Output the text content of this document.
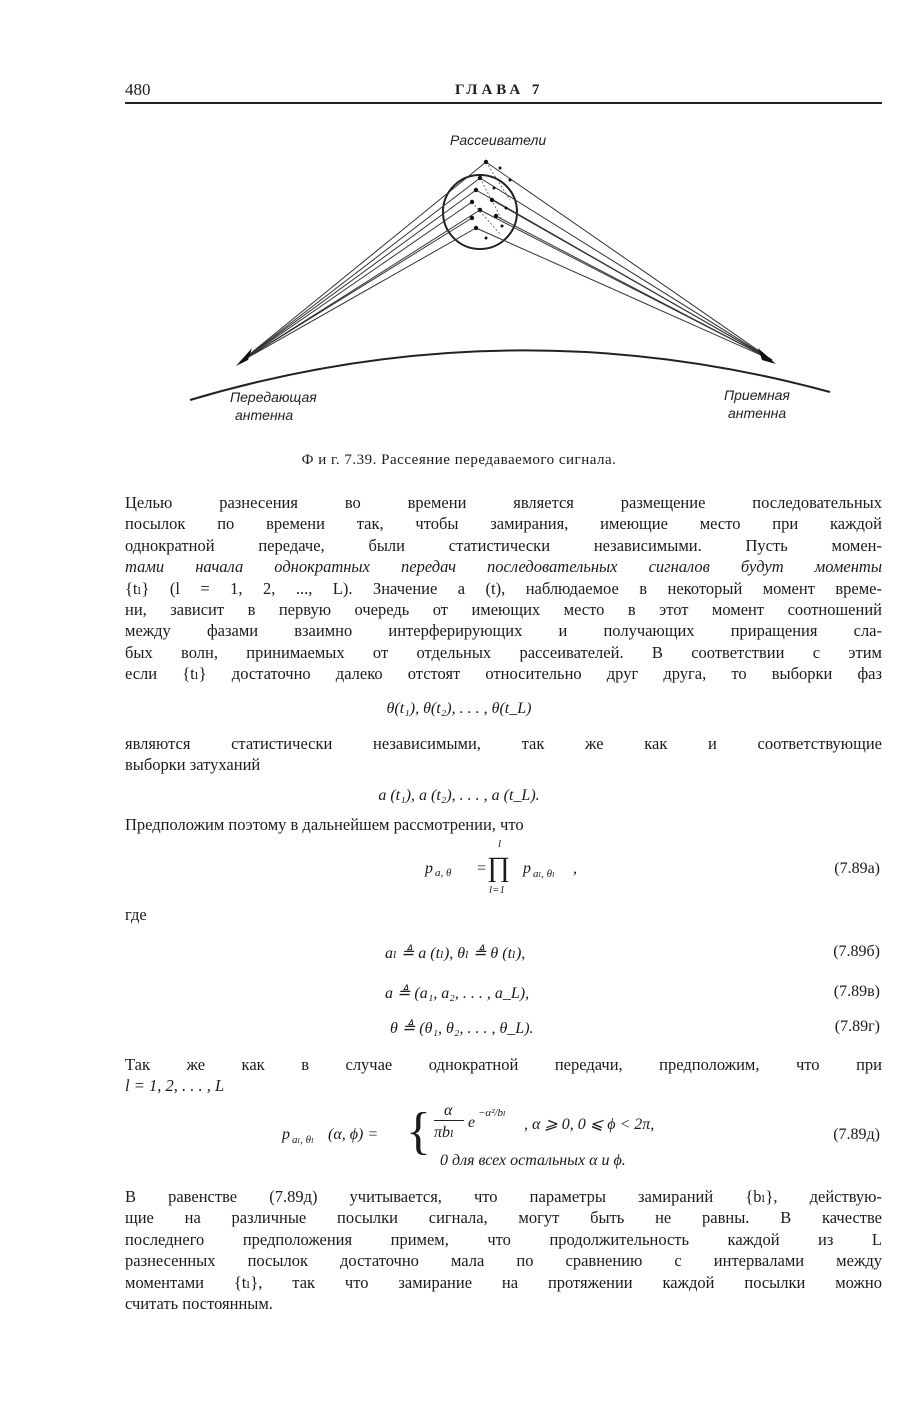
480	ГЛАВА 7
Рассеиватели
Передающая
антенна
Приемная
антенна
Ф и г. 7.39. Рассеяние передаваемого сигнала.
Целью разнесения во времени является размещение последовательных
посылок по времени так, чтобы замирания, имеющие место при каждой
однократной передаче, были статистически независимыми. Пусть момен-
тами начала однократных передач последовательных сигналов будут моменты
{tₗ} (l = 1, 2, ..., L). Значение a (t), наблюдаемое в некоторый момент време-
ни, зависит в первую очередь от имеющих место в этот момент соотношений
между фазами взаимно интерферирующих и получающих приращения сла-
бых волн, принимаемых от отдельных рассеивателей. В соответствии с этим
если {tₗ} достаточно далеко отстоят относительно друг друга, то выборки фаз
θ(t₁), θ(t₂), . . . , θ(t_L)
являются статистически независимыми, так же как и соответствующие
выборки затуханий
a (t₁), a (t₂), . . . , a (t_L).
Предположим поэтому в дальнейшем рассмотрении, что
p a, θ =
l
∏
l=1
p aₗ, θₗ ,	(7.89а)
где
aₗ ≜ a (tₗ), θₗ ≜ θ (tₗ),	(7.89б)
a ≜ (a₁, a₂, . . . , a_L),	(7.89в)
θ ≜ (θ₁, θ₂, . . . , θ_L).	(7.89г)
Так же как в случае однократной передачи, предположим, что при
l = 1, 2, . . . , L
p aₗ, θₗ (α, ϕ) = { α
πbₗ
e
−α²/bₗ
, α ⩾ 0, 0 ⩽ ϕ < 2π,
0 для всех остальных α и ϕ.
(7.89д)
В равенстве (7.89д) учитывается, что параметры замираний {bₗ}, действую-
щие на различные посылки сигнала, могут быть не равны. В качестве
последнего предположения примем, что продолжительность каждой из L
разнесенных посылок достаточно мала по сравнению с интервалами между
моментами {tₗ}, так что замирание на протяжении каждой посылки можно
считать постоянным.
